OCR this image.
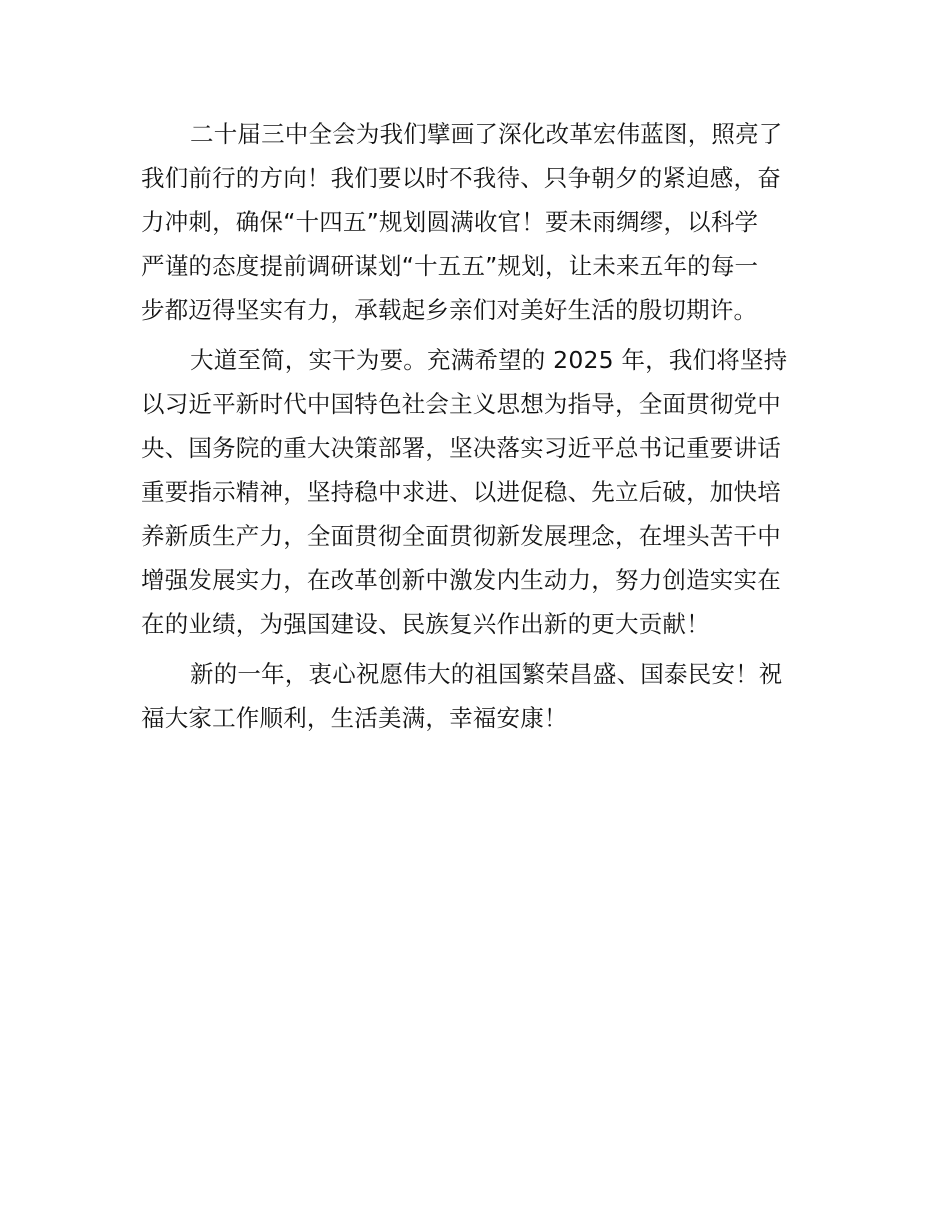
二十届三中全会为我们擘画了深化改革宏伟蓝图，照亮了
我们前行的方向！我们要以时不我待、只争朝夕的紧迫感，奋
力冲刺，确保“十四五”规划圆满收官！要未雨绸缪，以科学
严谨的态度提前调研谋划“十五五”规划，让未来五年的每一
步都迈得坚实有力，承载起乡亲们对美好生活的殷切期许。

大道至简，实干为要。充满希望的 2025 年，我们将坚持
以习近平新时代中国特色社会主义思想为指导，全面贯彻党中
央、国务院的重大决策部署，坚决落实习近平总书记重要讲话
重要指示精神，坚持稳中求进、以进促稳、先立后破，加快培
养新质生产力，全面贯彻全面贯彻新发展理念，在埋头苦干中
增强发展实力，在改革创新中激发内生动力，努力创造实实在
在的业绩，为强国建设、民族复兴作出新的更大贡献！

新的一年，衷心祝愿伟大的祖国繁荣昌盛、国泰民安！祝
福大家工作顺利，生活美满，幸福安康！
